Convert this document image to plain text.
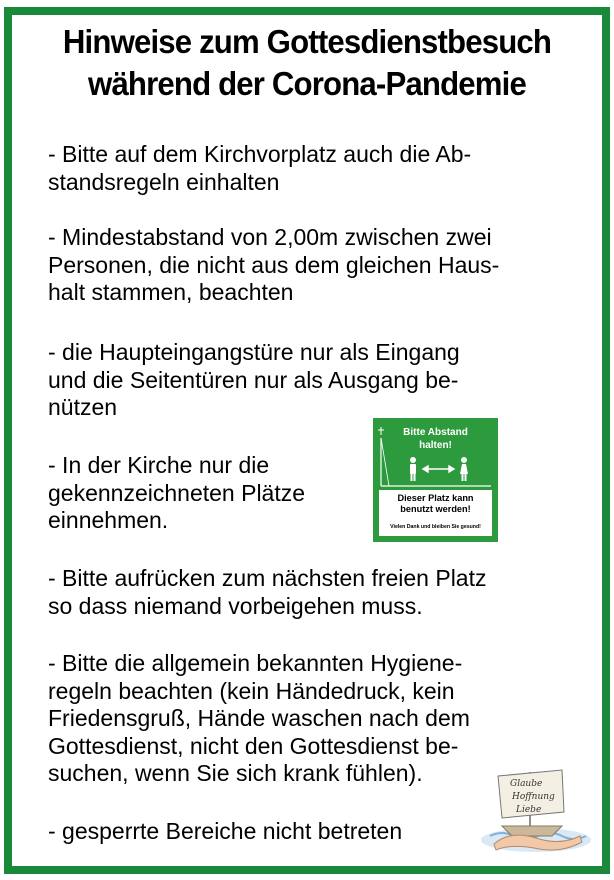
Hinweise zum Gottesdienstbesuch
während der Corona-Pandemie
- Bitte auf dem Kirchvorplatz auch die Ab-
standsregeln einhalten
- Mindestabstand von 2,00m zwischen zwei
Personen, die nicht aus dem gleichen Haus-
halt stammen, beachten
- die Haupteingangstüre nur als Eingang
und die Seitentüren nur als Ausgang be-
nützen
- In der Kirche nur die
gekennzeichneten Plätze
einnehmen.
- Bitte aufrücken zum nächsten freien Platz
so dass niemand vorbeigehen muss.
- Bitte die allgemein bekannten Hygiene-
regeln beachten (kein Händedruck, kein
Friedensgruß, Hände waschen nach dem
Gottesdienst, nicht den Gottesdienst be-
suchen, wenn Sie sich krank fühlen).
- gesperrte Bereiche nicht betreten
Bitte Abstand
halten!
Dieser Platz kann
benutzt werden!
Vielen Dank und bleiben Sie gesund!
Glaube
Hoffnung
Liebe
